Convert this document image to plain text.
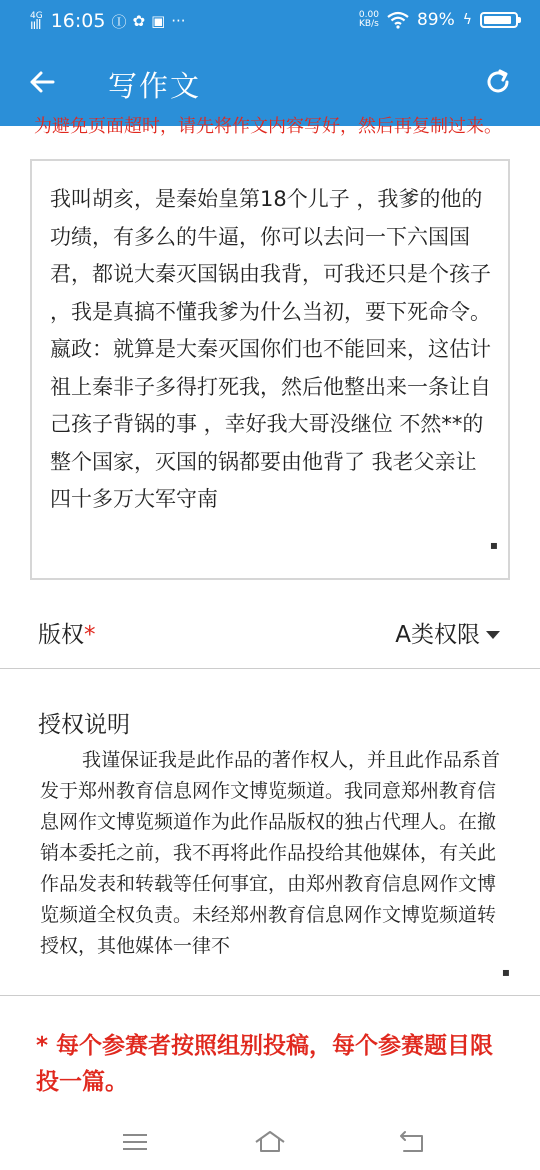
4G
ııll 16:05 Ⓘ ✿ ▣ ···	0.00
KB/s 89% ϟ
写作文
为避免页面超时，请先将作文内容写好，然后再复制过来。
我叫胡亥，是秦始皇第18个儿子 ，我爹的他的功绩，有多么的牛逼，你可以去问一下六国国君，都说大秦灭国锅由我背，可我还只是个孩子 ，我是真搞不懂我爹为什么当初，要下死命令。
嬴政：就算是大秦灭国你们也不能回来，这估计 祖上秦非子多得打死我，然后他整出来一条让自己孩子背锅的事 ，幸好我大哥没继位 不然**的整个国家，灭国的锅都要由他背了 我老父亲让四十多万大军守南
▪
版权*	A类权限
授权说明
我谨保证我是此作品的著作权人，并且此作品系首发于郑州教育信息网作文博览频道。我同意郑州教育信息网作文博览频道作为此作品版权的独占代理人。在撤销本委托之前，我不再将此作品投给其他媒体，有关此作品发表和转载等任何事宜，由郑州教育信息网作文博览频道全权负责。未经郑州教育信息网作文博览频道转授权，其他媒体一律不
▪
* 每个参赛者按照组别投稿，每个参赛题目限投一篇。
